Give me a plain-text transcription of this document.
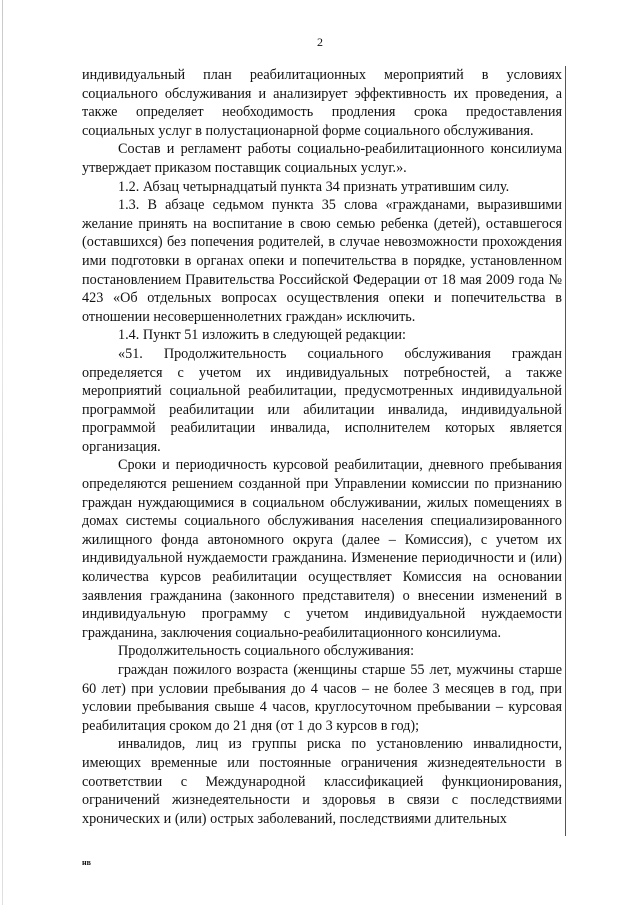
2

индивидуальный план реабилитационных мероприятий в условиях социального обслуживания и анализирует эффективность их проведения, а также определяет необходимость продления срока предоставления социальных услуг в полустационарной форме социального обслуживания.

Состав и регламент работы социально-реабилитационного консилиума утверждает приказом поставщик социальных услуг.».

1.2. Абзац четырнадцатый пункта 34 признать утратившим силу.

1.3. В абзаце седьмом пункта 35 слова «гражданами, выразившими желание принять на воспитание в свою семью ребенка (детей), оставшегося (оставшихся) без попечения родителей, в случае невозможности прохождения ими подготовки в органах опеки и попечительства в порядке, установленном постановлением Правительства Российской Федерации от 18 мая 2009 года № 423 «Об отдельных вопросах осуществления опеки и попечительства в отношении несовершеннолетних граждан» исключить.

1.4. Пункт 51 изложить в следующей редакции:

«51. Продолжительность социального обслуживания граждан определяется с учетом их индивидуальных потребностей, а также мероприятий социальной реабилитации, предусмотренных индивидуальной программой реабилитации или абилитации инвалида, индивидуальной программой реабилитации инвалида, исполнителем которых является организация.

Сроки и периодичность курсовой реабилитации, дневного пребывания определяются решением созданной при Управлении комиссии по признанию граждан нуждающимися в социальном обслуживании, жилых помещениях в домах системы социального обслуживания населения специализированного жилищного фонда автономного округа (далее – Комиссия), с учетом их индивидуальной нуждаемости гражданина. Изменение периодичности и (или) количества курсов реабилитации осуществляет Комиссия на основании заявления гражданина (законного представителя) о внесении изменений в индивидуальную программу с учетом индивидуальной нуждаемости гражданина, заключения социально-реабилитационного консилиума.

Продолжительность социального обслуживания:

граждан пожилого возраста (женщины старше 55 лет, мужчины старше 60 лет) при условии пребывания до 4 часов – не более 3 месяцев в год, при условии пребывания свыше 4 часов, круглосуточном пребывании – курсовая реабилитация сроком до 21 дня (от 1 до 3 курсов в год);

инвалидов, лиц из группы риска по установлению инвалидности, имеющих временные или постоянные ограничения жизнедеятельности в соответствии с Международной классификацией функционирования, ограничений жизнедеятельности и здоровья в связи с последствиями хронических и (или) острых заболеваний, последствиями длительных

нв
